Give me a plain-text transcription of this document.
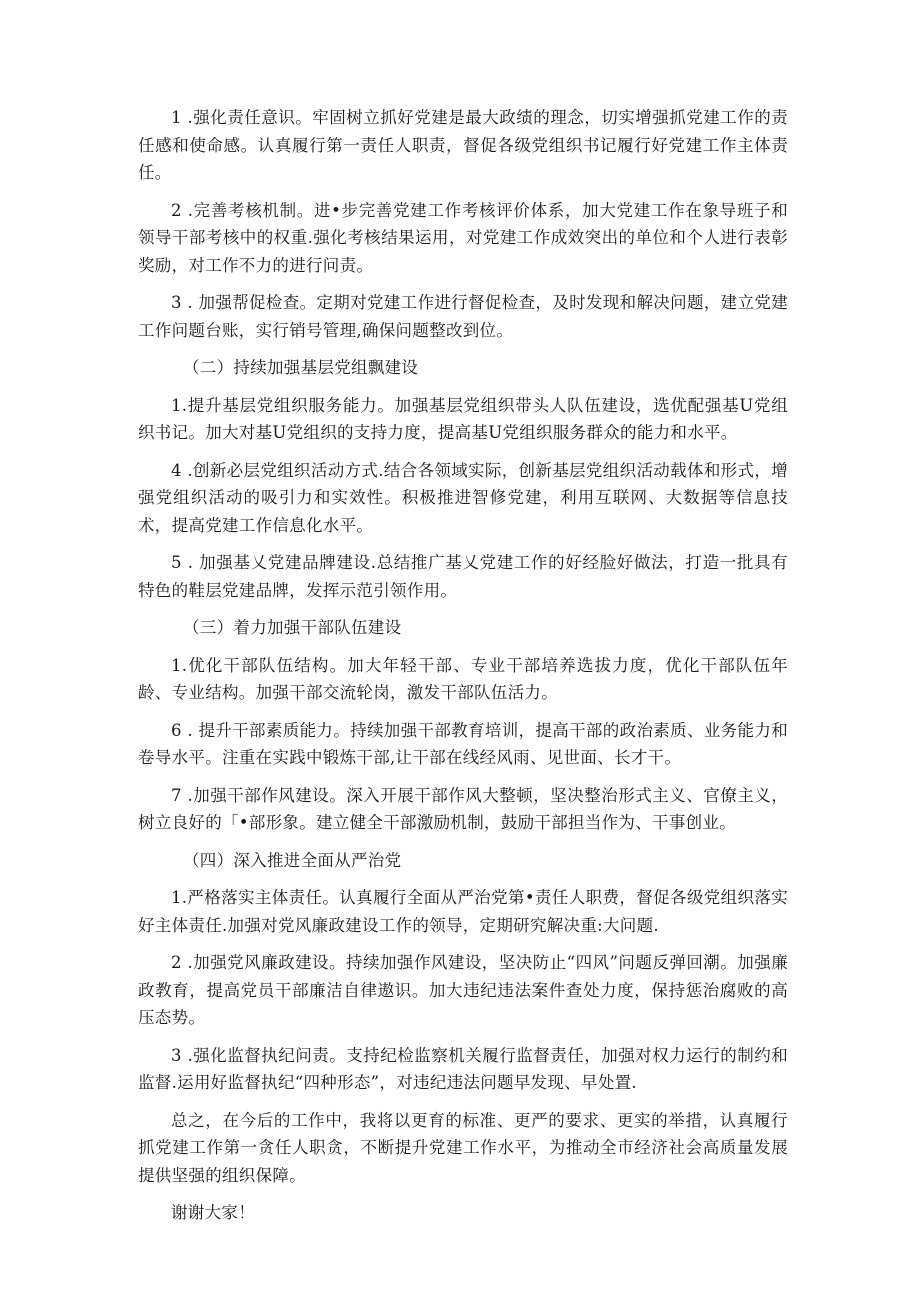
1 .强化责任意识。牢固树立抓好党建是最大政绩的理念，切实增强抓党建工作的责任感和使命感。认真履行第一责任人职责，督促各级党组织书记履行好党建工作主体责任。

2 .完善考核机制。进•步完善党建工作考核评价体系，加大党建工作在象导班子和领导干部考核中的权重.强化考核结果运用，对党建工作成效突出的单位和个人进行表彰奖励，对工作不力的进行问责。

3 . 加强帮促检查。定期对党建工作进行督促检查，及时发现和解决问题，建立党建工作问题台账，实行销号管理,确保问题整改到位。

（二）持续加强基层党组飘建设

1.提升基层党组织服务能力。加强基层党组织带头人队伍建设，选优配强基U党组织书记。加大对基U党组织的支持力度，提高基U党组织服务群众的能力和水平。

4 .创新必层党组织活动方式.结合各领域实际，创新基层党组织活动载体和形式，增强党组织活动的吸引力和实效性。积极推进智修党建，利用互联网、大数据等信息技术，提高党建工作信息化水平。

5 . 加强基乂党建品牌建设.总结推广基乂党建工作的好经脸好做法，打造一批具有特色的鞋层党建品牌，发挥示范引领作用。

（三）着力加强干部队伍建设

1.优化干部队伍结构。加大年轻干部、专业干部培养选拔力度，优化干部队伍年龄、专业结构。加强干部交流轮岗，激发干部队伍活力。

6 . 提升干部素质能力。持续加强干部教育培训，提高干部的政治素质、业务能力和卷导水平。注重在实践中锻炼干部,让干部在线经风雨、见世面、长才干。

7 .加强干部作风建设。深入开展干部作风大整顿，坚决整治形式主义、官僚主义，树立良好的「•部形象。建立健全干部激励机制，鼓励干部担当作为、干事创业。

（四）深入推进全面从严治党

1.严格落实主体责任。认真履行全面从严治党第•责任人职费，督促各级党组织落实好主体责任.加强对党风廉政建设工作的领导，定期研究解决重:大问题.

2 .加强党风廉政建设。持续加强作风建设，坚决防止“四风”问题反弹回潮。加强廉政教育，提高党员干部廉洁自律遨识。加大违纪违法案件查处力度，保持惩治腐败的高压态势。

3 .强化监督执纪问责。支持纪检监察机关履行监督责任，加强对权力运行的制约和监督.运用好监督执纪“四种形态”，对违纪违法问题早发现、早处置.

总之，在今后的工作中，我将以更育的标准、更严的要求、更实的举措，认真履行抓党建工作第一贪任人职贪，不断提升党建工作水平，为推动全市经济社会高质量发展提供坚强的组织保障。

谢谢大家！
